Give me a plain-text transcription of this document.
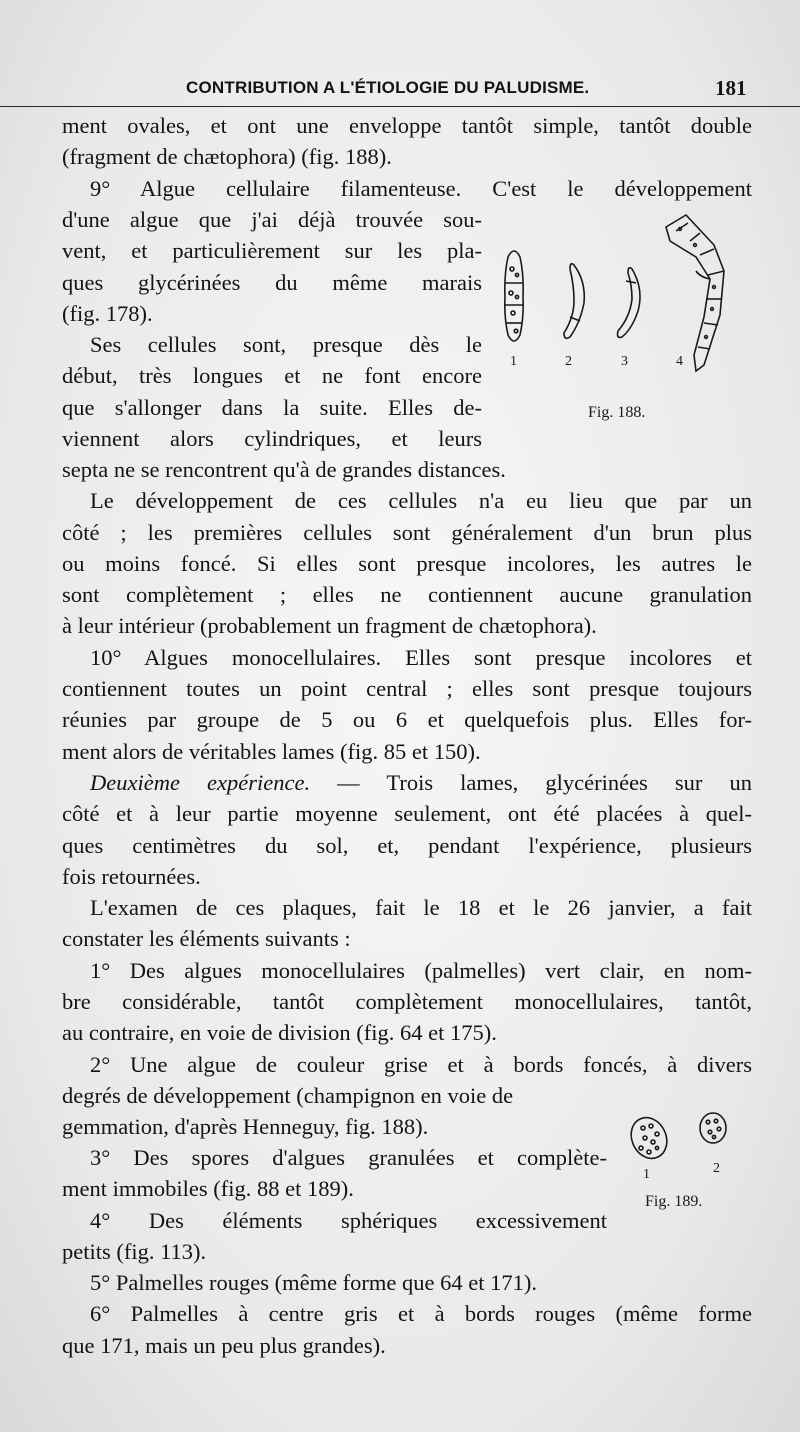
CONTRIBUTION A L'ÉTIOLOGIE DU PALUDISME.	181
ment ovales, et ont une enveloppe tantôt simple, tantôt double
(fragment de chætophora) (fig. 188).
9° Algue cellulaire filamenteuse. C'est le développement
d'une algue que j'ai déjà trouvée sou-
vent, et particulièrement sur les pla-
ques glycérinées du même marais
(fig. 178).
Ses cellules sont, presque dès le
début, très longues et ne font encore
que s'allonger dans la suite. Elles de-
viennent alors cylindriques, et leurs
septa ne se rencontrent qu'à de grandes distances.
Le développement de ces cellules n'a eu lieu que par un
côté ; les premières cellules sont généralement d'un brun plus
ou moins foncé. Si elles sont presque incolores, les autres le
sont complètement ; elles ne contiennent aucune granulation
à leur intérieur (probablement un fragment de chætophora).
10° Algues monocellulaires. Elles sont presque incolores et
contiennent toutes un point central ; elles sont presque toujours
réunies par groupe de 5 ou 6 et quelquefois plus. Elles for-
ment alors de véritables lames (fig. 85 et 150).
Deuxième expérience. — Trois lames, glycérinées sur un
côté et à leur partie moyenne seulement, ont été placées à quel-
ques centimètres du sol, et, pendant l'expérience, plusieurs
fois retournées.
L'examen de ces plaques, fait le 18 et le 26 janvier, a fait
constater les éléments suivants :
1° Des algues monocellulaires (palmelles) vert clair, en nom-
bre considérable, tantôt complètement monocellulaires, tantôt,
au contraire, en voie de division (fig. 64 et 175).
2° Une algue de couleur grise et à bords foncés, à divers
degrés de développement (champignon en voie de
gemmation, d'après Henneguy, fig. 188).
3° Des spores d'algues granulées et complète-
ment immobiles (fig. 88 et 189).
4° Des éléments sphériques excessivement
petits (fig. 113).
5° Palmelles rouges (même forme que 64 et 171).
6° Palmelles à centre gris et à bords rouges (même forme
que 171, mais un peu plus grandes).
1	2	3	4
Fig. 188.
1	2
Fig. 189.
